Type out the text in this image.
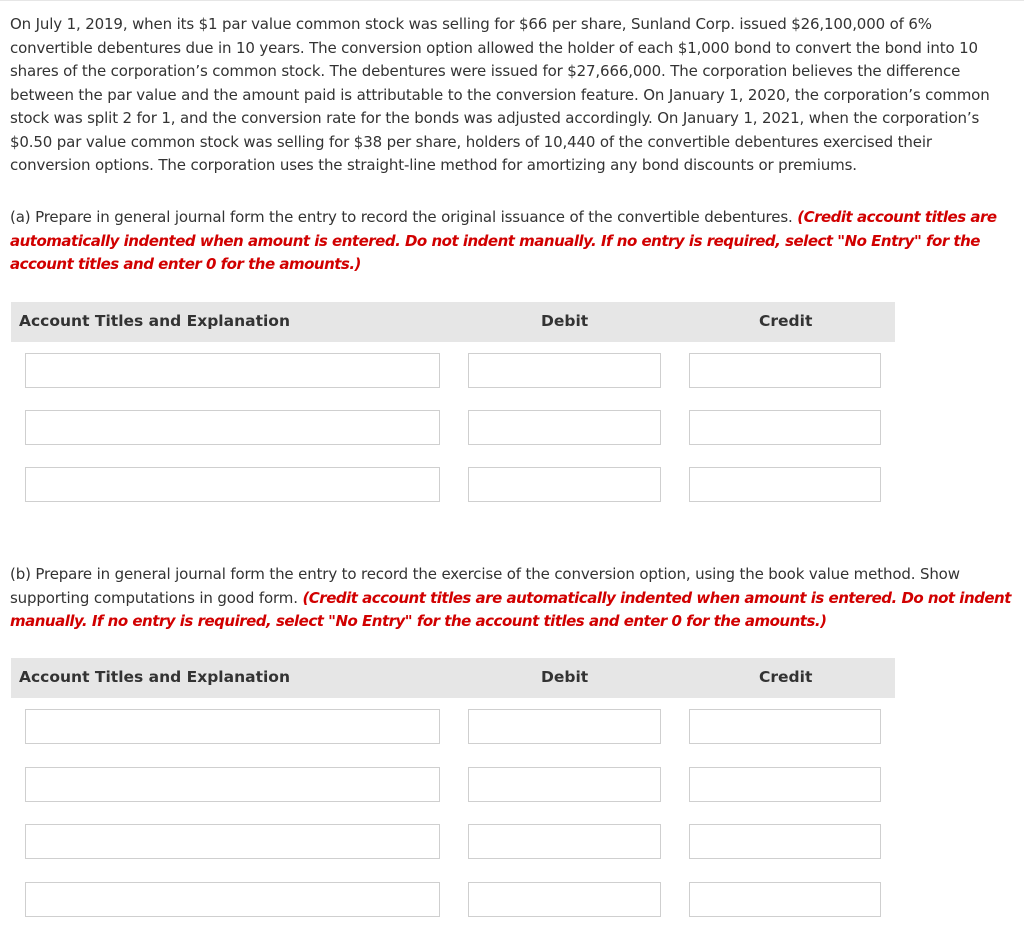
On July 1, 2019, when its $1 par value common stock was selling for $66 per share, Sunland Corp. issued $26,100,000 of 6% convertible debentures due in 10 years. The conversion option allowed the holder of each $1,000 bond to convert the bond into 10 shares of the corporation’s common stock. The debentures were issued for $27,666,000. The corporation believes the difference between the par value and the amount paid is attributable to the conversion feature. On January 1, 2020, the corporation’s common stock was split 2 for 1, and the conversion rate for the bonds was adjusted accordingly. On January 1, 2021, when the corporation’s $0.50 par value common stock was selling for $38 per share, holders of 10,440 of the convertible debentures exercised their conversion options. The corporation uses the straight-line method for amortizing any bond discounts or premiums.

(a) Prepare in general journal form the entry to record the original issuance of the convertible debentures. (Credit account titles are automatically indented when amount is entered. Do not indent manually. If no entry is required, select "No Entry" for the account titles and enter 0 for the amounts.)

Account Titles and Explanation	Debit	Credit

(b) Prepare in general journal form the entry to record the exercise of the conversion option, using the book value method. Show supporting computations in good form. (Credit account titles are automatically indented when amount is entered. Do not indent manually. If no entry is required, select "No Entry" for the account titles and enter 0 for the amounts.)

Account Titles and Explanation	Debit	Credit
